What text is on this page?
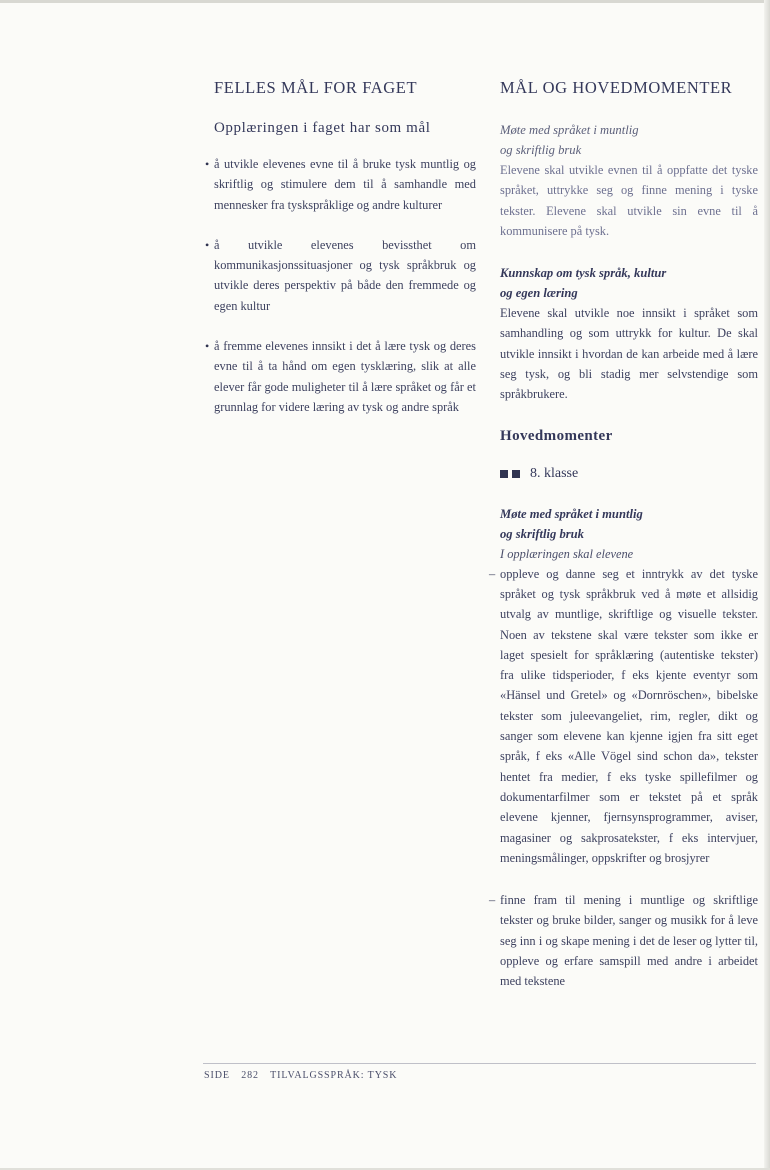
FELLES MÅL FOR FAGET
Opplæringen i faget har som mål
• å utvikle elevenes evne til å bruke tysk muntlig og skriftlig og stimulere dem til å samhandle med mennesker fra tyskspråklige og andre kulturer
• å utvikle elevenes bevissthet om kommunikasjonssituasjoner og tysk språkbruk og utvikle deres perspektiv på både den fremmede og egen kultur
• å fremme elevenes innsikt i det å lære tysk og deres evne til å ta hånd om egen tysklæring, slik at alle elever får gode muligheter til å lære språket og får et grunnlag for videre læring av tysk og andre språk
MÅL OG HOVEDMOMENTER
Møte med språket i muntlig
og skriftlig bruk
Elevene skal utvikle evnen til å oppfatte det tyske språket, uttrykke seg og finne mening i tyske tekster. Elevene skal utvikle sin evne til å kommunisere på tysk.
Kunnskap om tysk språk, kultur
og egen læring
Elevene skal utvikle noe innsikt i språket som samhandling og som uttrykk for kultur. De skal utvikle innsikt i hvordan de kan arbeide med å lære seg tysk, og bli stadig mer selvstendige som språkbrukere.
Hovedmomenter
8. klasse
Møte med språket i muntlig
og skriftlig bruk
I opplæringen skal elevene
– oppleve og danne seg et inntrykk av det tyske språket og tysk språkbruk ved å møte et allsidig utvalg av muntlige, skriftlige og visuelle tekster. Noen av tekstene skal være tekster som ikke er laget spesielt for språklæring (autentiske tekster) fra ulike tidsperioder, f eks kjente eventyr som «Hänsel und Gretel» og «Dornröschen», bibelske tekster som juleevangeliet, rim, regler, dikt og sanger som elevene kan kjenne igjen fra sitt eget språk, f eks «Alle Vögel sind schon da», tekster hentet fra medier, f eks tyske spillefilmer og dokumentarfilmer som er tekstet på et språk elevene kjenner, fjernsynsprogrammer, aviser, magasiner og sakprosatekster, f eks intervjuer, meningsmålinger, oppskrifter og brosjyrer
– finne fram til mening i muntlige og skriftlige tekster og bruke bilder, sanger og musikk for å leve seg inn i og skape mening i det de leser og lytter til, oppleve og erfare samspill med andre i arbeidet med tekstene
SIDE 282 TILVALGSSPRÅK: TYSK
